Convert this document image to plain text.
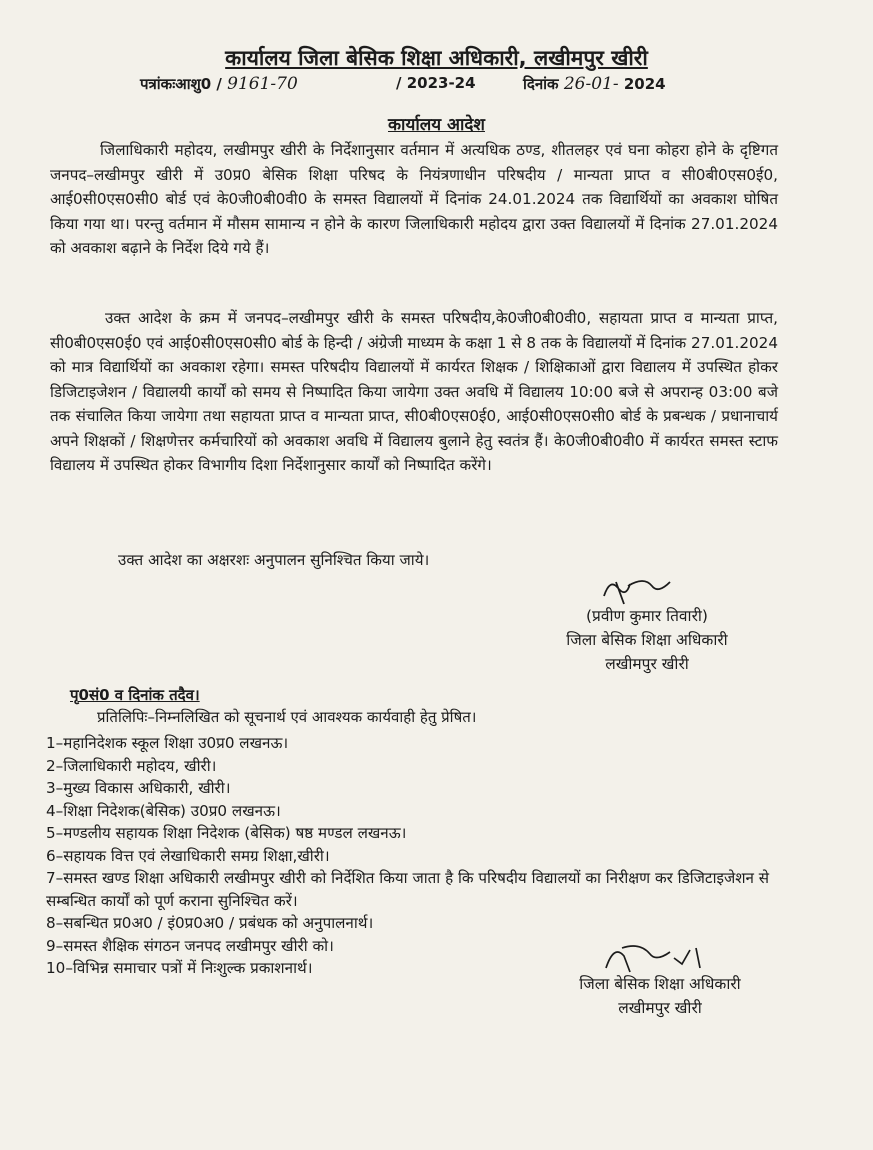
कार्यालय जिला बेसिक शिक्षा अधिकारी, लखीमपुर खीरी
पत्रांकःआशु0 / 9161-70	/ 2023-24	दिनांक 26-01- 2024
कार्यालय आदेश

जिलाधिकारी महोदय, लखीमपुर खीरी के निर्देशानुसार वर्तमान में अत्यधिक ठण्ड, शीतलहर एवं घना कोहरा होने के दृष्टिगत जनपद–लखीमपुर खीरी में उ0प्र0 बेसिक शिक्षा परिषद के नियंत्रणाधीन परिषदीय / मान्यता प्राप्त व सी0बी0एस0ई0, आई0सी0एस0सी0 बोर्ड एवं के0जी0बी0वी0 के समस्त विद्यालयों में दिनांक 24.01.2024 तक विद्यार्थियों का अवकाश घोषित किया गया था। परन्तु वर्तमान में मौसम सामान्य न होने के कारण जिलाधिकारी महोदय द्वारा उक्त विद्यालयों में दिनांक 27.01.2024 को अवकाश बढ़ाने के निर्देश दिये गये हैं।

उक्त आदेश के क्रम में जनपद–लखीमपुर खीरी के समस्त परिषदीय,के0जी0बी0वी0, सहायता प्राप्त व मान्यता प्राप्त, सी0बी0एस0ई0 एवं आई0सी0एस0सी0 बोर्ड के हिन्दी / अंग्रेजी माध्यम के कक्षा 1 से 8 तक के विद्यालयों में दिनांक 27.01.2024 को मात्र विद्यार्थियों का अवकाश रहेगा। समस्त परिषदीय विद्यालयों में कार्यरत शिक्षक / शिक्षिकाओं द्वारा विद्यालय में उपस्थित होकर डिजिटाइजेशन / विद्यालयी कार्यों को समय से निष्पादित किया जायेगा उक्त अवधि में विद्यालय 10:00 बजे से अपरान्ह 03:00 बजे तक संचालित किया जायेगा तथा सहायता प्राप्त व मान्यता प्राप्त, सी0बी0एस0ई0, आई0सी0एस0सी0 बोर्ड के प्रबन्धक / प्रधानाचार्य अपने शिक्षकों / शिक्षणेत्तर कर्मचारियों को अवकाश अवधि में विद्यालय बुलाने हेतु स्वतंत्र हैं। के0जी0बी0वी0 में कार्यरत समस्त स्टाफ विद्यालय में उपस्थित होकर विभागीय दिशा निर्देशानुसार कार्यों को निष्पादित करेंगे।

उक्त आदेश का अक्षरशः अनुपालन सुनिश्चित किया जाये।

(प्रवीण कुमार तिवारी)
जिला बेसिक शिक्षा अधिकारी
लखीमपुर खीरी
पृ0सं0 व दिनांक तदैव।
प्रतिलिपिः–निम्नलिखित को सूचनार्थ एवं आवश्यक कार्यवाही हेतु प्रेषित।
1–महानिदेशक स्कूल शिक्षा उ0प्र0 लखनऊ।
2–जिलाधिकारी महोदय, खीरी।
3–मुख्य विकास अधिकारी, खीरी।
4–शिक्षा निदेशक(बेसिक) उ0प्र0 लखनऊ।
5–मण्डलीय सहायक शिक्षा निदेशक (बेसिक) षष्ठ मण्डल लखनऊ।
6–सहायक वित्त एवं लेखाधिकारी समग्र शिक्षा,खीरी।
7–समस्त खण्ड शिक्षा अधिकारी लखीमपुर खीरी को निर्देशित किया जाता है कि परिषदीय विद्यालयों का निरीक्षण कर डिजिटाइजेशन से सम्बन्धित कार्यों को पूर्ण कराना सुनिश्चित करें।
8–सबन्धित प्र0अ0 / इं0प्र0अ0 / प्रबंधक को अनुपालनार्थ।
9–समस्त शैक्षिक संगठन जनपद लखीमपुर खीरी को।
10–विभिन्न समाचार पत्रों में निःशुल्क प्रकाशनार्थ।
जिला बेसिक शिक्षा अधिकारी
लखीमपुर खीरी
